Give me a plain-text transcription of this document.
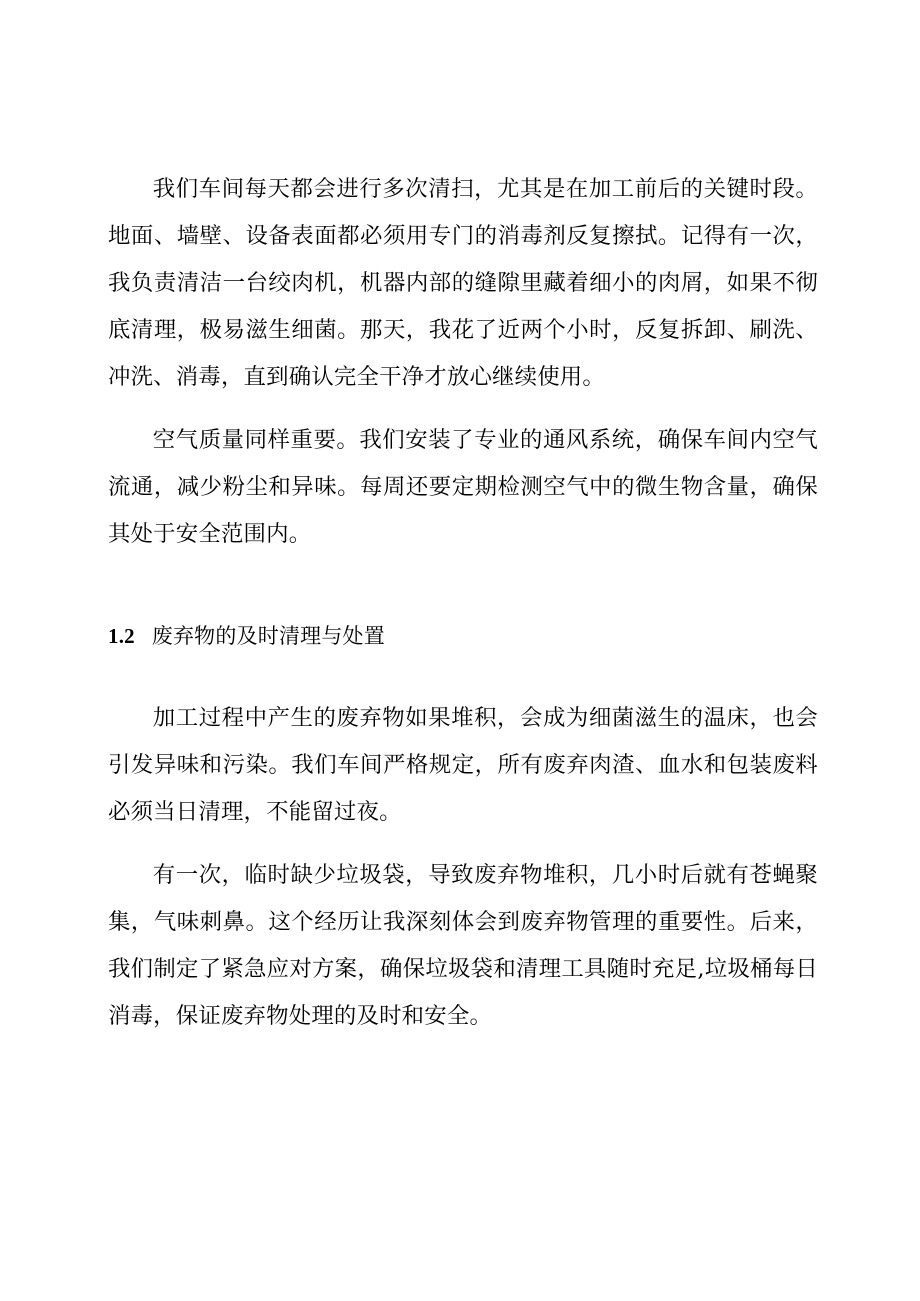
我们车间每天都会进行多次清扫，尤其是在加工前后的关键时段。地面、墙壁、设备表面都必须用专门的消毒剂反复擦拭。记得有一次，我负责清洁一台绞肉机，机器内部的缝隙里藏着细小的肉屑，如果不彻底清理，极易滋生细菌。那天，我花了近两个小时，反复拆卸、刷洗、冲洗、消毒，直到确认完全干净才放心继续使用。

空气质量同样重要。我们安装了专业的通风系统，确保车间内空气流通，减少粉尘和异味。每周还要定期检测空气中的微生物含量，确保其处于安全范围内。

1.2 废弃物的及时清理与处置

加工过程中产生的废弃物如果堆积，会成为细菌滋生的温床，也会引发异味和污染。我们车间严格规定，所有废弃肉渣、血水和包装废料必须当日清理，不能留过夜。

有一次，临时缺少垃圾袋，导致废弃物堆积，几小时后就有苍蝇聚集，气味刺鼻。这个经历让我深刻体会到废弃物管理的重要性。后来，我们制定了紧急应对方案，确保垃圾袋和清理工具随时充足,垃圾桶每日消毒，保证废弃物处理的及时和安全。
